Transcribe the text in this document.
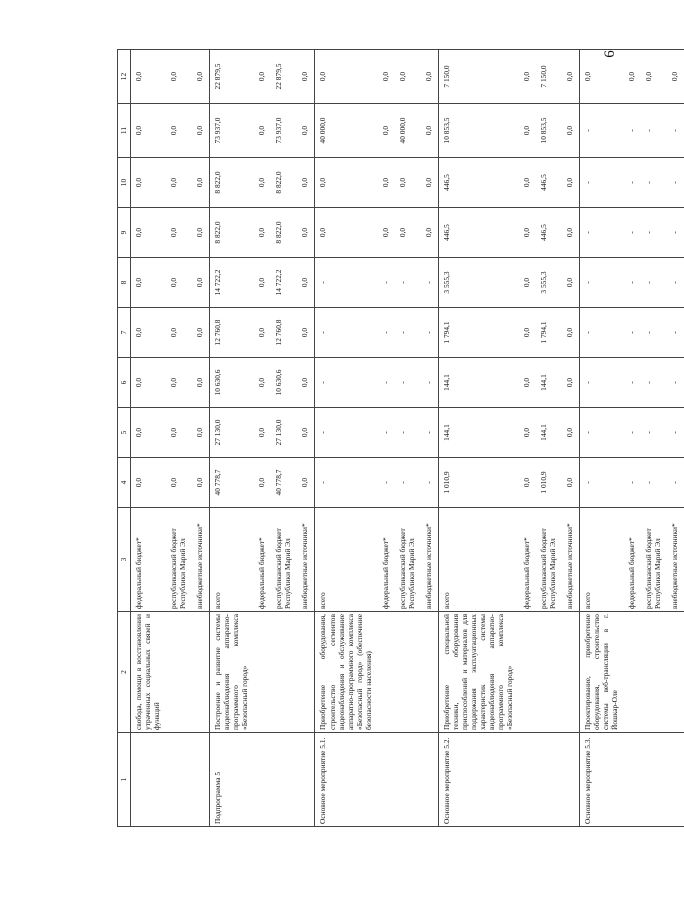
6
1	2	3	4	5	6	7	8	9	10	11	12
	свобода, помощи в восстановлении утраченных социальных связей и функций	федеральный бюджет*	0,0	0,0	0,0	0,0	0,0	0,0	0,0	0,0	0,0
		республиканский бюджет Республики Марий Эл	0,0	0,0	0,0	0,0	0,0	0,0	0,0	0,0	0,0
		внебюджетные источники*	0,0	0,0	0,0	0,0	0,0	0,0	0,0	0,0	0,0
Подпрограмма 5	Построение и развитие системы видеонаблюдения аппаратно-программного комплекса «Безопасный город»	всего	40 778,7	27 130,0	10 630,6	12 760,8	14 722,2	8 822,0	8 822,0	73 937,0	22 879,5
		федеральный бюджет*	0,0	0,0	0,0	0,0	0,0	0,0	0,0	0,0	0,0
		республиканский бюджет Республики Марий Эл	40 778,7	27 130,0	10 630,6	12 760,8	14 722,2	8 822,0	8 822,0	73 937,0	22 879,5
		внебюджетные источники*	0,0	0,0	0,0	0,0	0,0	0,0	0,0	0,0	0,0
Основное мероприятие 5.1.	Приобретение оборудования, строительство сегментов видеонаблюдения и обслуживание аппаратно-программного комплекса «Безопасный город» (обеспечение безопасности населения)	всего	-	-	-	-	-	0,0	0,0	40 000,0	0,0
		федеральный бюджет*	-	-	-	-	-	0,0	0,0	0,0	0,0
		республиканский бюджет Республики Марий Эл	-	-	-	-	-	0,0	0,0	40 000,0	0,0
		внебюджетные источники*	-	-	-	-	-	0,0	0,0	0,0	0,0
Основное мероприятие 5.2.	Приобретение специальной техники, оборудования приспособлений и материалов для поддержания эксплуатационных характеристик системы видеонаблюдения аппаратно-программного комплекса «Безопасный город»	всего	1 010,9	144,1	144,1	1 794,1	3 555,3	446,5	446,5	10 853,5	7 150,0
		федеральный бюджет*	0,0	0,0	0,0	0,0	0,0	0,0	0,0	0,0	0,0
		республиканский бюджет Республики Марий Эл	1 010,9	144,1	144,1	1 794,1	3 555,3	446,5	446,5	10 853,5	7 150,0
		внебюджетные источники*	0,0	0,0	0,0	0,0	0,0	0,0	0,0	0,0	0,0
Основное мероприятие 5.3.	Проектирование, приобретение оборудования, строительство системы веб-трансляции в г. Йошкар-Оле	всего	-	-	-	-	-	-	-	-	0,0
		федеральный бюджет*	-	-	-	-	-	-	-	-	0,0
		республиканский бюджет Республики Марий Эл	-	-	-	-	-	-	-	-	0,0
		внебюджетные источники*	-	-	-	-	-	-	-	-	0,0
